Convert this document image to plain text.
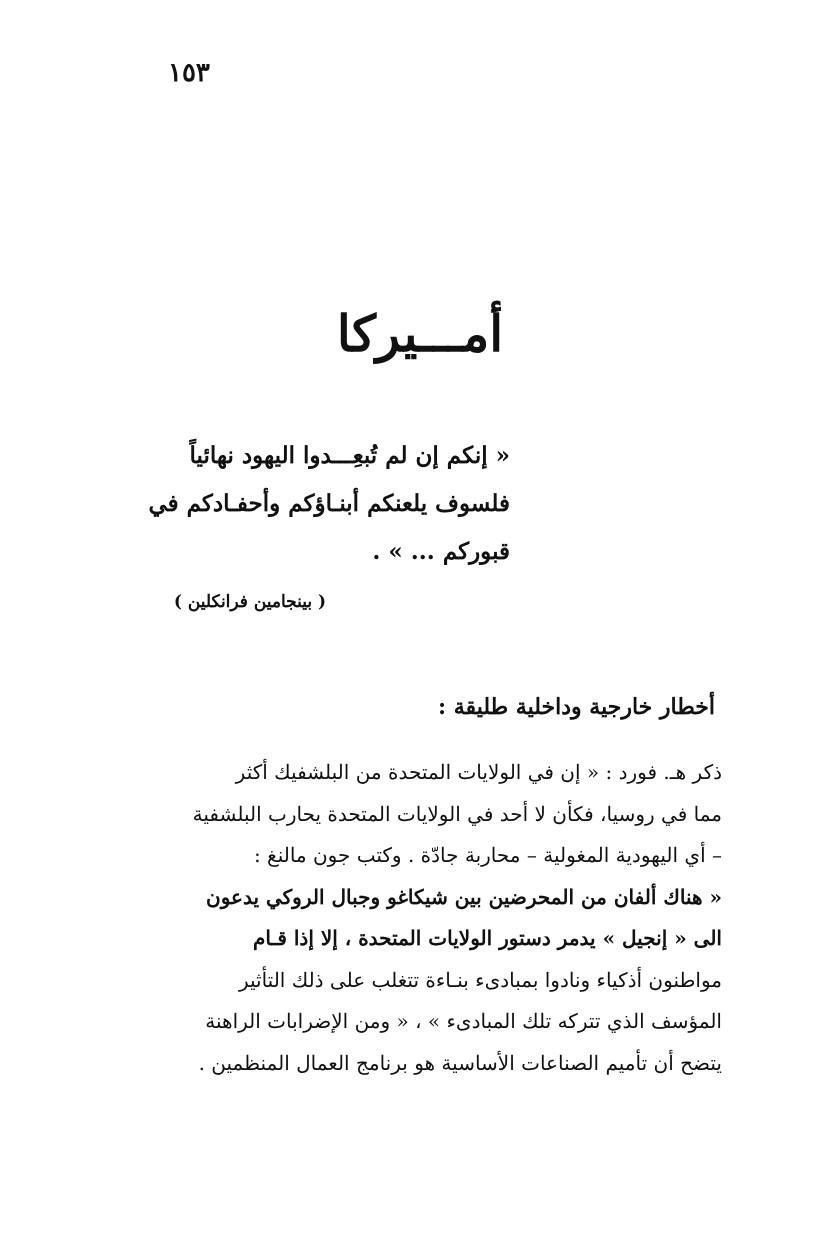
١٥٣
أمـــيركا
« إنكم إن لم تُبعِـــدوا اليهود نهائياً
فلسوف يلعنكم أبنـاؤكم وأحفـادكم في
قبوركم ... » .
( بينجامين فرانكلين )
أخطار خارجية وداخلية طليقة :
ذكر هـ. فورد : « إن في الولايات المتحدة من البلشفيك أكثر
مما في روسيا، فكأن لا أحد في الولايات المتحدة يحارب البلشفية
– أي اليهودية المغولية – محاربة جادّة . وكتب جون مالنغ :
« هناك ألفان من المحرضين بين شيكاغو وجبال الروكي يدعون
الى « إنجيل » يدمر دستور الولايات المتحدة ، إلا إذا قـام
مواطنون أذكياء ونادوا بمبادىء بنـاءة تتغلب على ذلك التأثير
المؤسف الذي تتركه تلك المبادىء » ، « ومن الإضرابات الراهنة
يتضح أن تأميم الصناعات الأساسية هو برنامج العمال المنظمين .
